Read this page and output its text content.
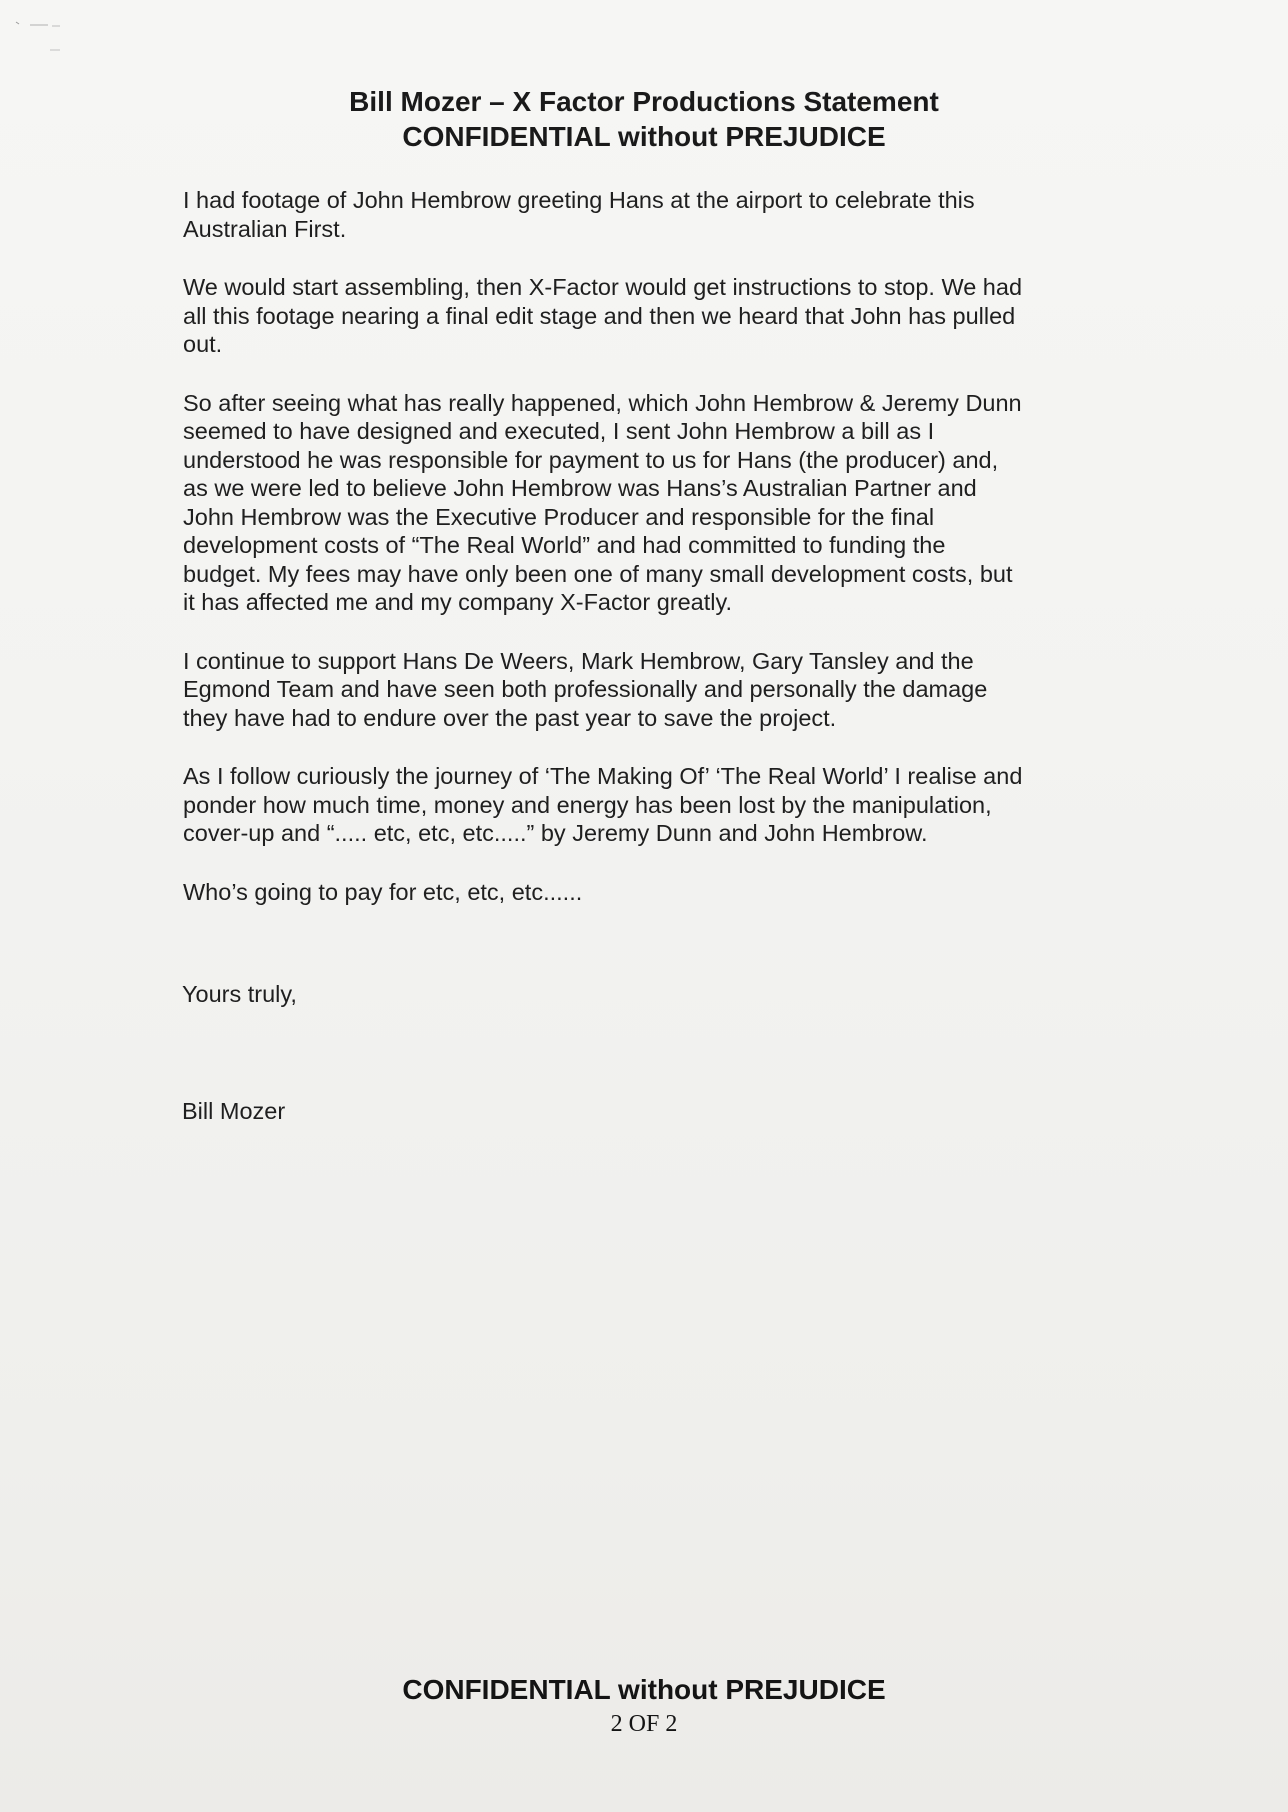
Bill Mozer – X Factor Productions Statement
CONFIDENTIAL without PREJUDICE

I had footage of John Hembrow greeting Hans at the airport to celebrate this
Australian First.

We would start assembling, then X-Factor would get instructions to stop. We had
all this footage nearing a final edit stage and then we heard that John has pulled
out.

So after seeing what has really happened, which John Hembrow & Jeremy Dunn
seemed to have designed and executed, I sent John Hembrow a bill as I
understood he was responsible for payment to us for Hans (the producer) and,
as we were led to believe John Hembrow was Hans’s Australian Partner and
John Hembrow was the Executive Producer and responsible for the final
development costs of “The Real World” and had committed to funding the
budget. My fees may have only been one of many small development costs, but
it has affected me and my company X-Factor greatly.

I continue to support Hans De Weers, Mark Hembrow, Gary Tansley and the
Egmond Team and have seen both professionally and personally the damage
they have had to endure over the past year to save the project.

As I follow curiously the journey of ‘The Making Of’ ‘The Real World’ I realise and
ponder how much time, money and energy has been lost by the manipulation,
cover-up and “..... etc, etc, etc.....” by Jeremy Dunn and John Hembrow.

Who’s going to pay for etc, etc, etc......

Yours truly,
Bill Mozer
CONFIDENTIAL without PREJUDICE
2 OF 2
